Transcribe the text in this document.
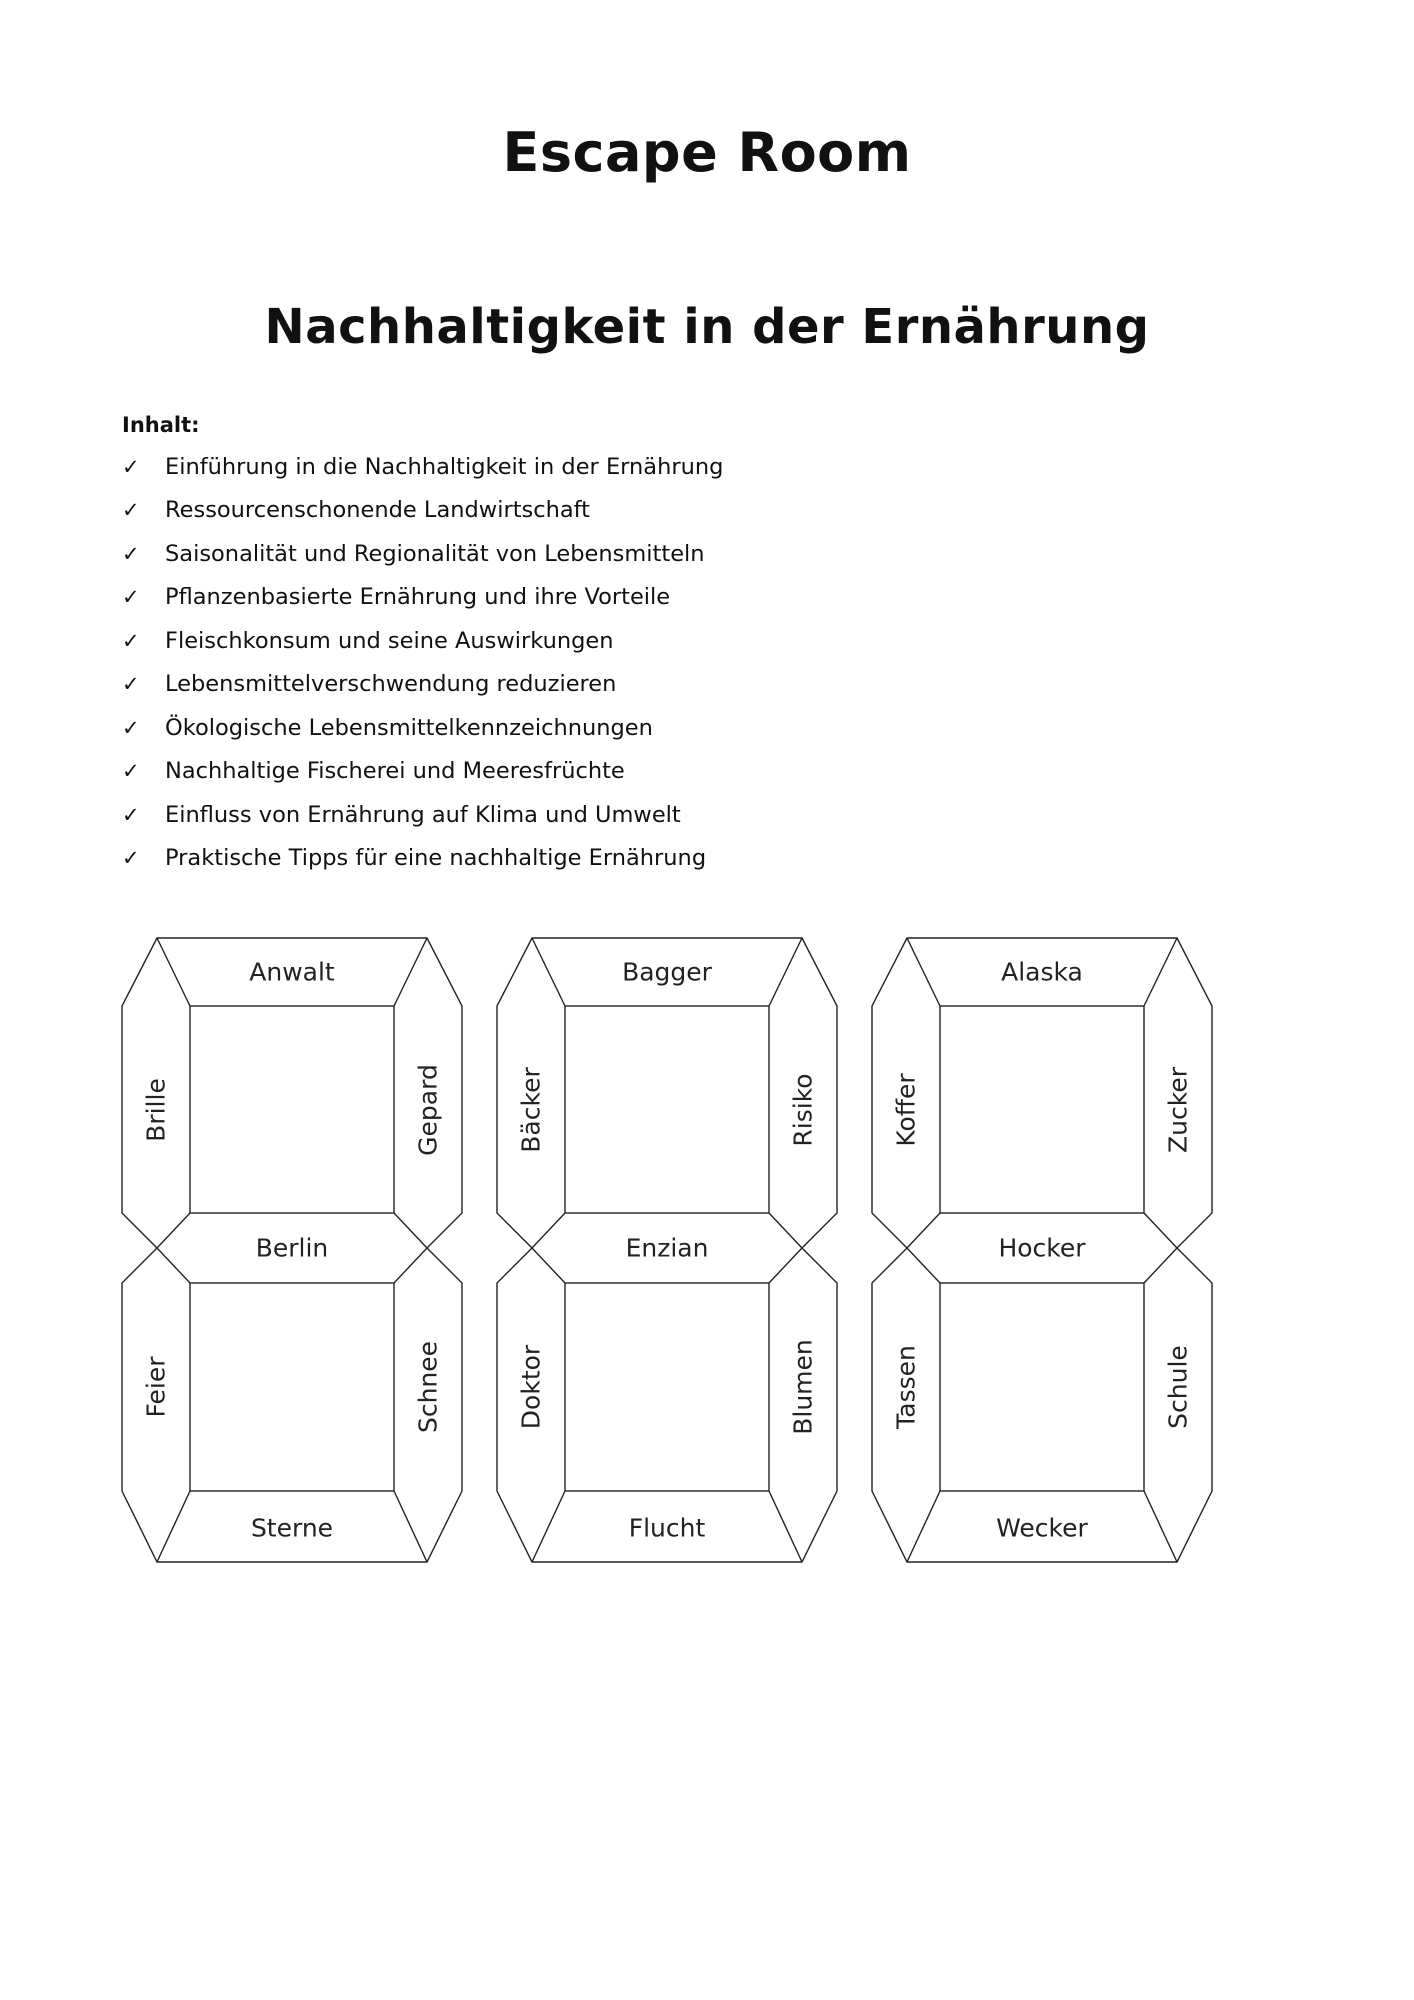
Escape Room
Nachhaltigkeit in der Ernährung
Inhalt:
✓	Einführung in die Nachhaltigkeit in der Ernährung
✓	Ressourcenschonende Landwirtschaft
✓	Saisonalität und Regionalität von Lebensmitteln
✓	Pflanzenbasierte Ernährung und ihre Vorteile
✓	Fleischkonsum und seine Auswirkungen
✓	Lebensmittelverschwendung reduzieren
✓	Ökologische Lebensmittelkennzeichnungen
✓	Nachhaltige Fischerei und Meeresfrüchte
✓	Einfluss von Ernährung auf Klima und Umwelt
✓	Praktische Tipps für eine nachhaltige Ernährung
Anwalt
Brille	Gepard
Berlin
Feier	Schnee
Sterne
Bagger
Bäcker	Risiko
Enzian
Doktor	Blumen
Flucht
Alaska
Koffer	Zucker
Hocker
Tassen	Schule
Wecker
